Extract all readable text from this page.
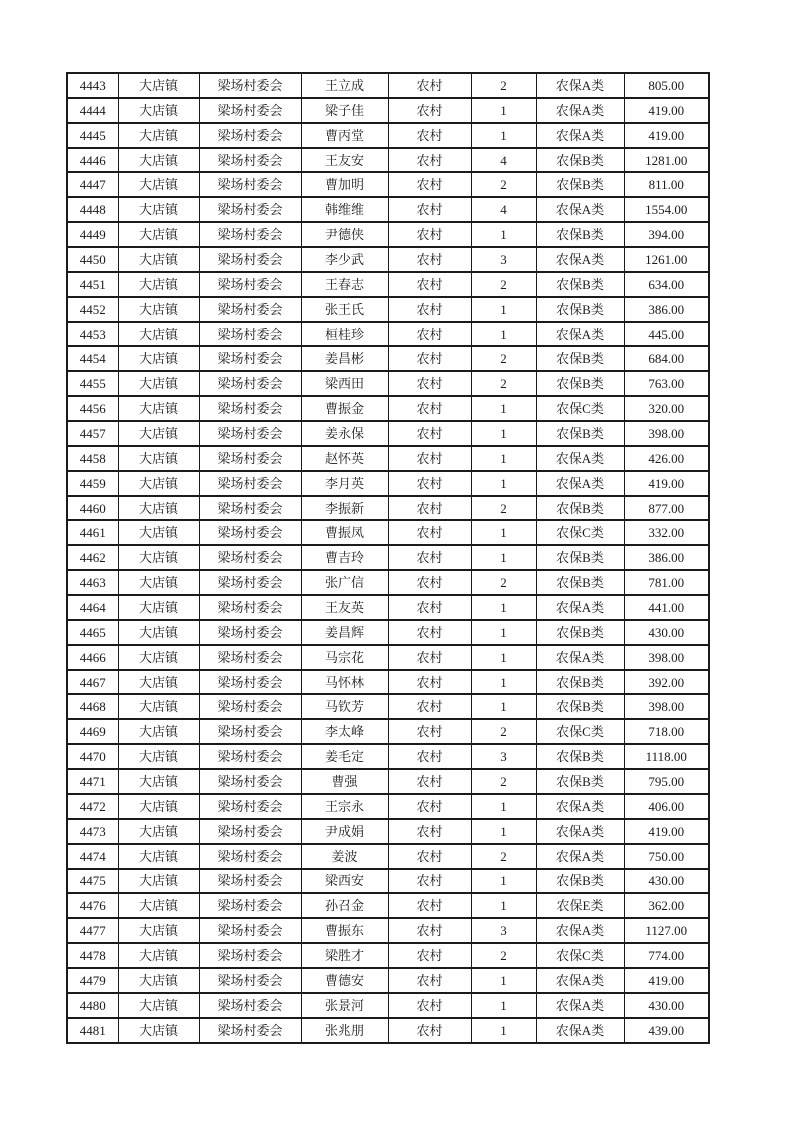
4443	大店镇	梁场村委会	王立成	农村	2	农保A类	805.00
4444	大店镇	梁场村委会	梁子佳	农村	1	农保A类	419.00
4445	大店镇	梁场村委会	曹丙堂	农村	1	农保A类	419.00
4446	大店镇	梁场村委会	王友安	农村	4	农保B类	1281.00
4447	大店镇	梁场村委会	曹加明	农村	2	农保B类	811.00
4448	大店镇	梁场村委会	韩维维	农村	4	农保A类	1554.00
4449	大店镇	梁场村委会	尹德侠	农村	1	农保B类	394.00
4450	大店镇	梁场村委会	李少武	农村	3	农保A类	1261.00
4451	大店镇	梁场村委会	王春志	农村	2	农保B类	634.00
4452	大店镇	梁场村委会	张王氏	农村	1	农保B类	386.00
4453	大店镇	梁场村委会	桓桂珍	农村	1	农保A类	445.00
4454	大店镇	梁场村委会	姜昌彬	农村	2	农保B类	684.00
4455	大店镇	梁场村委会	梁西田	农村	2	农保B类	763.00
4456	大店镇	梁场村委会	曹振金	农村	1	农保C类	320.00
4457	大店镇	梁场村委会	姜永保	农村	1	农保B类	398.00
4458	大店镇	梁场村委会	赵怀英	农村	1	农保A类	426.00
4459	大店镇	梁场村委会	李月英	农村	1	农保A类	419.00
4460	大店镇	梁场村委会	李振新	农村	2	农保B类	877.00
4461	大店镇	梁场村委会	曹振凤	农村	1	农保C类	332.00
4462	大店镇	梁场村委会	曹吉玲	农村	1	农保B类	386.00
4463	大店镇	梁场村委会	张广信	农村	2	农保B类	781.00
4464	大店镇	梁场村委会	王友英	农村	1	农保A类	441.00
4465	大店镇	梁场村委会	姜昌辉	农村	1	农保B类	430.00
4466	大店镇	梁场村委会	马宗花	农村	1	农保A类	398.00
4467	大店镇	梁场村委会	马怀林	农村	1	农保B类	392.00
4468	大店镇	梁场村委会	马钦芳	农村	1	农保B类	398.00
4469	大店镇	梁场村委会	李太峰	农村	2	农保C类	718.00
4470	大店镇	梁场村委会	姜毛定	农村	3	农保B类	1118.00
4471	大店镇	梁场村委会	曹强	农村	2	农保B类	795.00
4472	大店镇	梁场村委会	王宗永	农村	1	农保A类	406.00
4473	大店镇	梁场村委会	尹成娟	农村	1	农保A类	419.00
4474	大店镇	梁场村委会	姜波	农村	2	农保A类	750.00
4475	大店镇	梁场村委会	梁西安	农村	1	农保B类	430.00
4476	大店镇	梁场村委会	孙召金	农村	1	农保E类	362.00
4477	大店镇	梁场村委会	曹振东	农村	3	农保A类	1127.00
4478	大店镇	梁场村委会	梁胜才	农村	2	农保C类	774.00
4479	大店镇	梁场村委会	曹德安	农村	1	农保A类	419.00
4480	大店镇	梁场村委会	张景河	农村	1	农保A类	430.00
4481	大店镇	梁场村委会	张兆朋	农村	1	农保A类	439.00
